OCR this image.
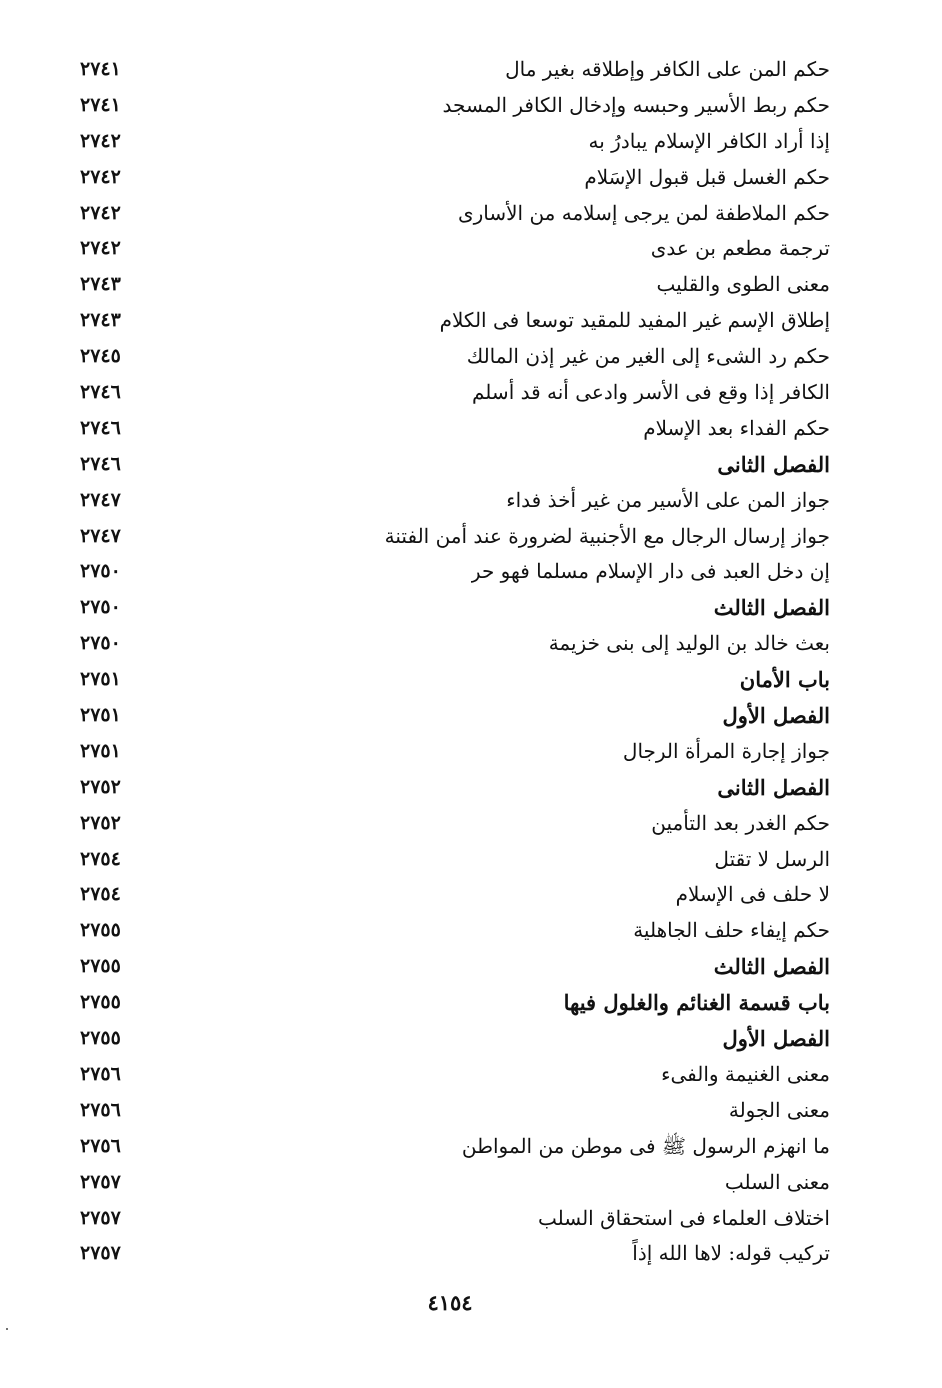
حكم المن على الكافر وإطلاقه بغير مال
٢٧٤١
حكم ربط الأسير وحبسه وإدخال الكافر المسجد
٢٧٤١
إذا أراد الكافر الإسلام يبادرُ به
٢٧٤٢
حكم الغسل قبل قبول الإسَلام
٢٧٤٢
حكم الملاطفة لمن يرجى إسلامه من الأسارى
٢٧٤٢
ترجمة مطعم بن عدى
٢٧٤٢
معنى الطوى والقليب
٢٧٤٣
إطلاق الإسم غير المفيد للمقيد توسعا فى الكلام
٢٧٤٣
حكم رد الشىء إلى الغير من غير إذن المالك
٢٧٤٥
الكافر إذا وقع فى الأسر وادعى أنه قد أسلم
٢٧٤٦
حكم الفداء بعد الإسلام
٢٧٤٦
الفصل الثانى
٢٧٤٦
جواز المن على الأسير من غير أخذ فداء
٢٧٤٧
جواز إرسال الرجال مع الأجنبية لضرورة عند أمن الفتنة
٢٧٤٧
إن دخل العبد فى دار الإسلام مسلما فهو حر
٢٧٥٠
الفصل الثالث
٢٧٥٠
بعث خالد بن الوليد إلى بنى خزيمة
٢٧٥٠
باب الأمان
٢٧٥١
الفصل الأول
٢٧٥١
جواز إجارة المرأة الرجال
٢٧٥١
الفصل الثانى
٢٧٥٢
حكم الغدر بعد التأمين
٢٧٥٢
الرسل لا تقتل
٢٧٥٤
لا حلف فى الإسلام
٢٧٥٤
حكم إيفاء حلف الجاهلية
٢٧٥٥
الفصل الثالث
٢٧٥٥
باب قسمة الغنائم والغلول فيها
٢٧٥٥
الفصل الأول
٢٧٥٥
معنى الغنيمة والفىء
٢٧٥٦
معنى الجولة
٢٧٥٦
ما انهزم الرسول ﷺ فى موطن من المواطن
٢٧٥٦
معنى السلب
٢٧٥٧
اختلاف العلماء فى استحقاق السلب
٢٧٥٧
تركيب قوله: لاها الله إذاً
٢٧٥٧
٤١٥٤
